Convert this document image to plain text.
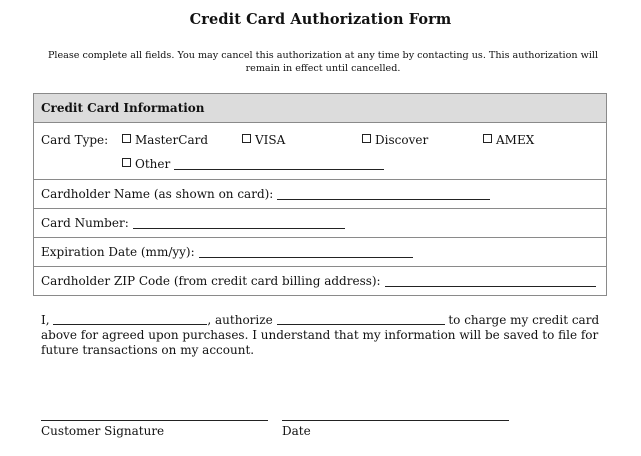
Credit Card Authorization Form
Please complete all fields. You may cancel this authorization at any time by contacting us. This authorization will remain in effect until cancelled.
Credit Card Information
Card Type:	MasterCard	VISA	Discover	AMEX
Other
Cardholder Name (as shown on card):
Card Number:
Expiration Date (mm/yy):
Cardholder ZIP Code (from credit card billing address):
I,	, authorize	to charge my credit card above for agreed upon purchases. I understand that my information will be saved to file for future transactions on my account.
Customer Signature	Date
